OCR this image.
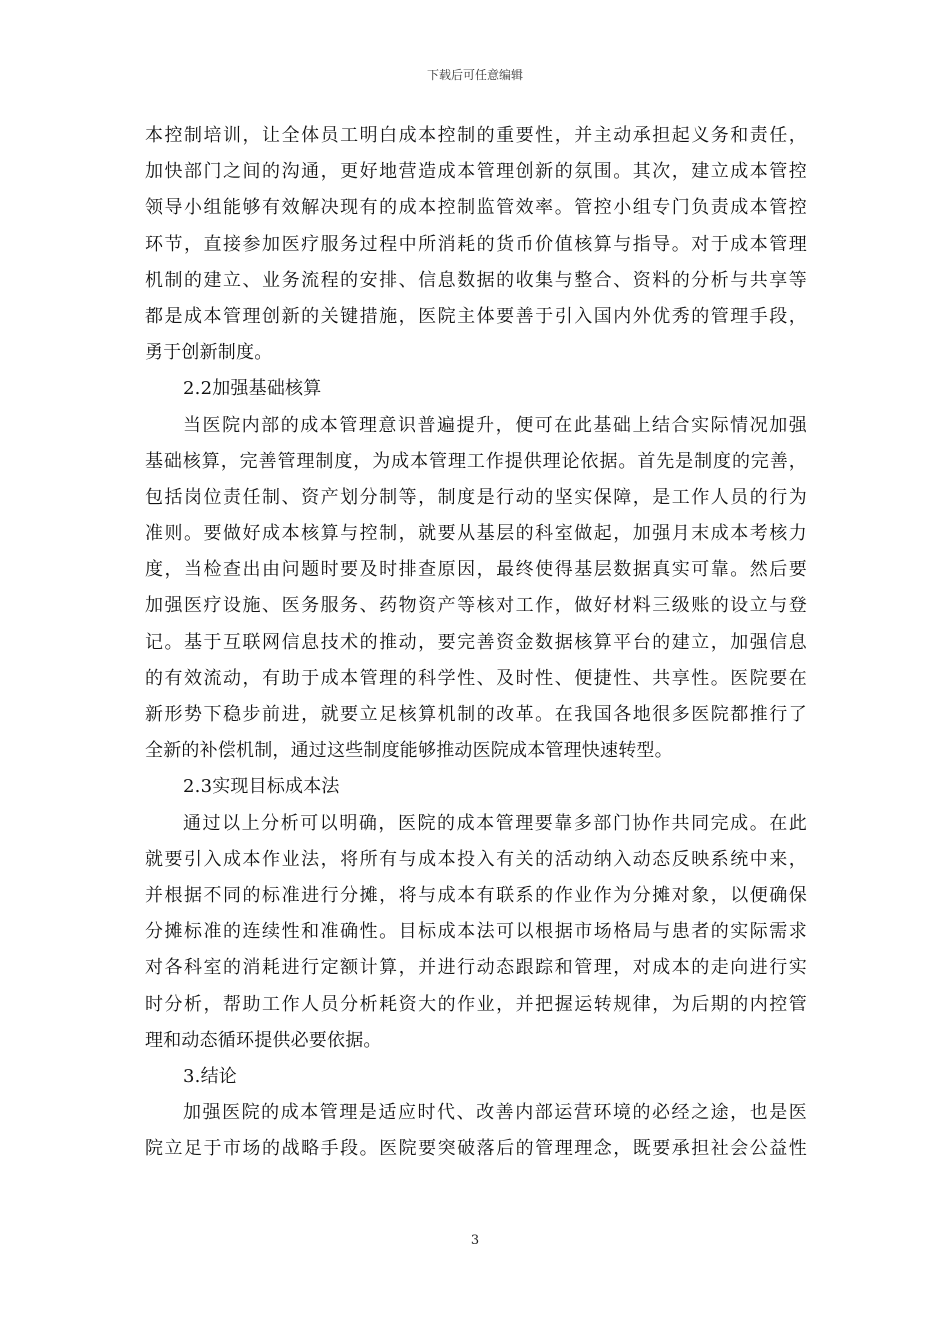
下载后可任意编辑
本控制培训，让全体员工明白成本控制的重要性，并主动承担起义务和责任，
加快部门之间的沟通，更好地营造成本管理创新的氛围。其次，建立成本管控
领导小组能够有效解决现有的成本控制监管效率。管控小组专门负责成本管控
环节，直接参加医疗服务过程中所消耗的货币价值核算与指导。对于成本管理
机制的建立、业务流程的安排、信息数据的收集与整合、资料的分析与共享等
都是成本管理创新的关键措施，医院主体要善于引入国内外优秀的管理手段，
勇于创新制度。
2.2加强基础核算
当医院内部的成本管理意识普遍提升，便可在此基础上结合实际情况加强
基础核算，完善管理制度，为成本管理工作提供理论依据。首先是制度的完善，
包括岗位责任制、资产划分制等，制度是行动的坚实保障，是工作人员的行为
准则。要做好成本核算与控制，就要从基层的科室做起，加强月末成本考核力
度，当检查出由问题时要及时排查原因，最终使得基层数据真实可靠。然后要
加强医疗设施、医务服务、药物资产等核对工作，做好材料三级账的设立与登
记。基于互联网信息技术的推动，要完善资金数据核算平台的建立，加强信息
的有效流动，有助于成本管理的科学性、及时性、便捷性、共享性。医院要在
新形势下稳步前进，就要立足核算机制的改革。在我国各地很多医院都推行了
全新的补偿机制，通过这些制度能够推动医院成本管理快速转型。
2.3实现目标成本法
通过以上分析可以明确，医院的成本管理要靠多部门协作共同完成。在此
就要引入成本作业法，将所有与成本投入有关的活动纳入动态反映系统中来，
并根据不同的标准进行分摊，将与成本有联系的作业作为分摊对象，以便确保
分摊标准的连续性和准确性。目标成本法可以根据市场格局与患者的实际需求
对各科室的消耗进行定额计算，并进行动态跟踪和管理，对成本的走向进行实
时分析，帮助工作人员分析耗资大的作业，并把握运转规律，为后期的内控管
理和动态循环提供必要依据。
3.结论
加强医院的成本管理是适应时代、改善内部运营环境的必经之途，也是医
院立足于市场的战略手段。医院要突破落后的管理理念，既要承担社会公益性
3
